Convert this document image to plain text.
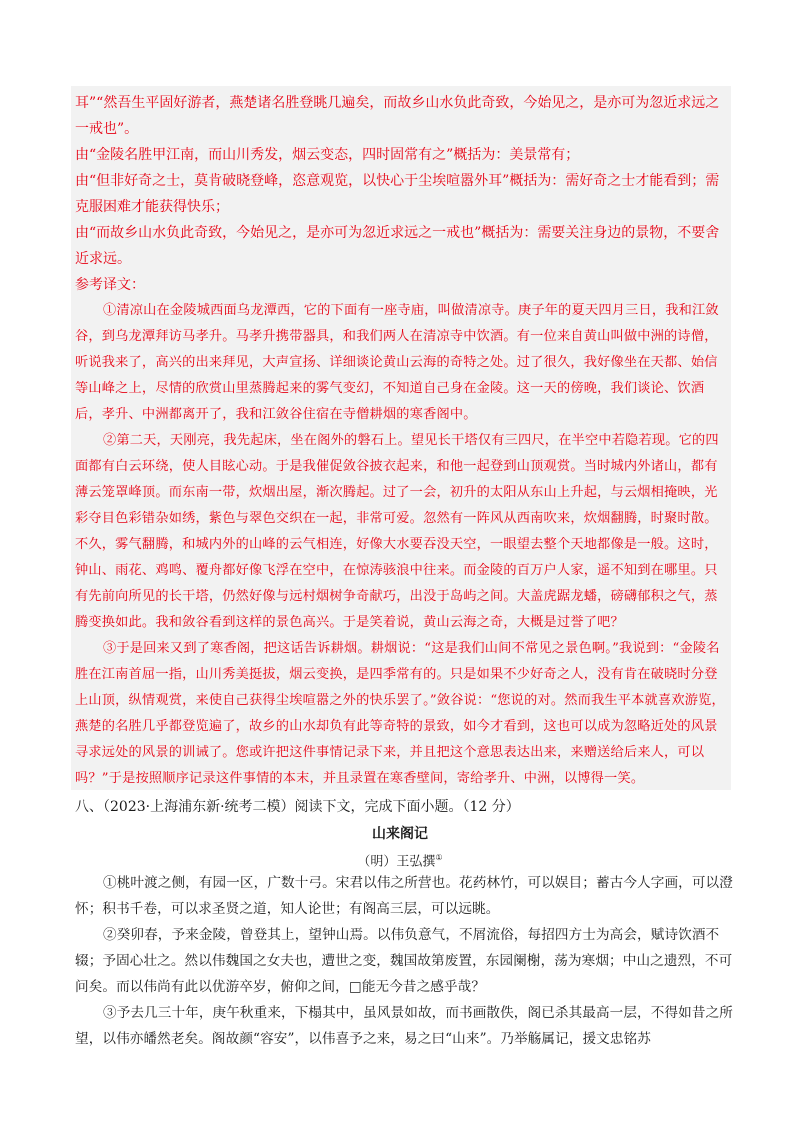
耳”“然吾生平固好游者，燕楚诸名胜登眺几遍矣，而故乡山水负此奇致，今始见之，是亦可为忽近求远之一戒也”。

由“金陵名胜甲江南，而山川秀发，烟云变态，四时固常有之”概括为：美景常有；

由“但非好奇之士，莫肯破晓登峰，恣意观览，以快心于尘埃喧嚣外耳”概括为：需好奇之士才能看到；需克服困难才能获得快乐；

由“而故乡山水负此奇致，今始见之，是亦可为忽近求远之一戒也”概括为：需要关注身边的景物，不要舍近求远。

参考译文：

①清凉山在金陵城西面乌龙潭西，它的下面有一座寺庙，叫做清凉寺。庚子年的夏天四月三日，我和江敛谷，到乌龙潭拜访马孝升。马孝升携带器具，和我们两人在清凉寺中饮酒。有一位来自黄山叫做中洲的诗僧，听说我来了，高兴的出来拜见，大声宣扬、详细谈论黄山云海的奇特之处。过了很久，我好像坐在天都、始信等山峰之上，尽情的欣赏山里蒸腾起来的雾气变幻，不知道自己身在金陵。这一天的傍晚，我们谈论、饮酒后，孝升、中洲都离开了，我和江敛谷住宿在寺僧耕烟的寒香阁中。

②第二天，天刚亮，我先起床，坐在阁外的磐石上。望见长干塔仅有三四尺，在半空中若隐若现。它的四面都有白云环绕，使人目眩心动。于是我催促敛谷披衣起来，和他一起登到山顶观赏。当时城内外诸山，都有薄云笼罩峰顶。而东南一带，炊烟出屋，渐次腾起。过了一会，初升的太阳从东山上升起，与云烟相掩映，光彩夺目色彩错杂如绣，紫色与翠色交织在一起，非常可爱。忽然有一阵风从西南吹来，炊烟翻腾，时聚时散。不久，雾气翻腾，和城内外的山峰的云气相连，好像大水要吞没天空，一眼望去整个天地都像是一般。这时，钟山、雨花、鸡鸣、覆舟都好像飞浮在空中，在惊涛骇浪中往来。而金陵的百万户人家，遥不知到在哪里。只有先前向所见的长干塔，仍然好像与远村烟树争奇献巧，出没于岛屿之间。大盖虎踞龙蟠，磅礴郁积之气，蒸腾变换如此。我和敛谷看到这样的景色高兴。于是笑着说，黄山云海之奇，大概是过誉了吧？

③于是回来又到了寒香阁，把这话告诉耕烟。耕烟说：“这是我们山间不常见之景色啊。”我说到：“金陵名胜在江南首屈一指，山川秀美挺拔，烟云变换，是四季常有的。只是如果不少好奇之人，没有肯在破晓时分登上山顶，纵情观赏，来使自己获得尘埃喧嚣之外的快乐罢了。”敛谷说：“您说的对。然而我生平本就喜欢游览，燕楚的名胜几乎都登览遍了，故乡的山水却负有此等奇特的景致，如今才看到，这也可以成为忽略近处的风景寻求远处的风景的训诫了。您或许把这件事情记录下来，并且把这个意思表达出来，来赠送给后来人，可以吗？”于是按照顺序记录这件事情的本末，并且录置在寒香壁间，寄给孝升、中洲，以博得一笑。

八、（2023·上海浦东新·统考二模）阅读下文，完成下面小题。（12 分）

山来阁记

（明）王弘撰①

①桃叶渡之侧，有园一区，广数十弓。宋君以伟之所营也。花药林竹，可以娱目；蓄古今人字画，可以澄怀；积书千卷，可以求圣贤之道，知人论世；有阁高三层，可以远眺。

②癸卯春，予来金陵，曾登其上，望钟山焉。以伟负意气，不屑流俗，每招四方士为高会，赋诗饮酒不辍；予固心壮之。然以伟魏国之女夫也，遭世之变，魏国故第废置，东园阑榭，荡为寒烟；中山之遗烈，不可问矣。而以伟尚有此以优游卒岁，俯仰之间，□能无今昔之感乎哉？

③予去几三十年，庚午秋重来，下榻其中，虽风景如故，而书画散佚，阁已杀其最高一层，不得如昔之所望，以伟亦皤然老矣。阁故颜“容安”，以伟喜予之来，易之曰“山来”。乃举觞属记，援文忠铭苏
